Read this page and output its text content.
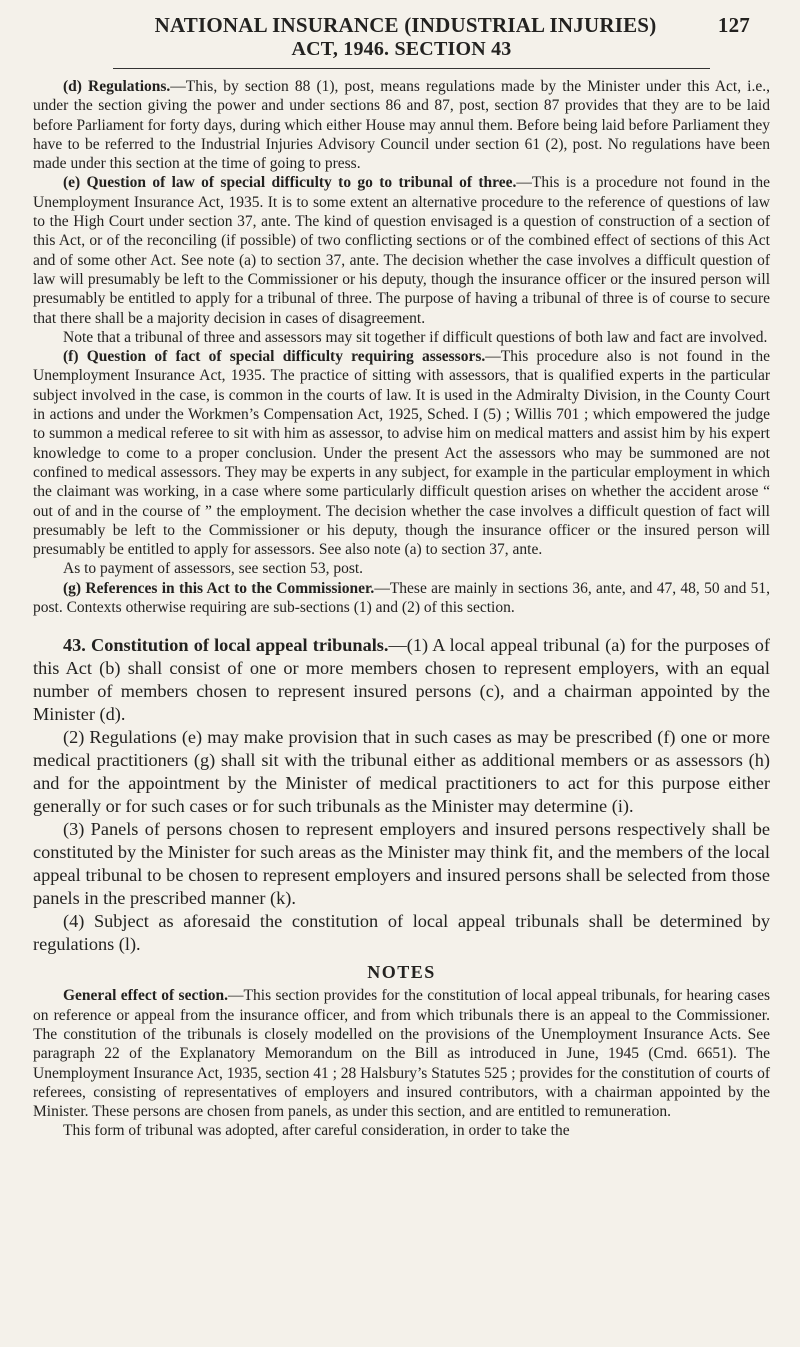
NATIONAL INSURANCE (INDUSTRIAL INJURIES)	127
ACT, 1946. SECTION 43

(d) Regulations.—This, by section 88 (1), post, means regulations made by the Minister under this Act, i.e., under the section giving the power and under sections 86 and 87, post, section 87 provides that they are to be laid before Parliament for forty days, during which either House may annul them. Before being laid before Parliament they have to be referred to the Industrial Injuries Advisory Council under section 61 (2), post. No regulations have been made under this section at the time of going to press.

(e) Question of law of special difficulty to go to tribunal of three.—This is a procedure not found in the Unemployment Insurance Act, 1935. It is to some extent an alternative procedure to the reference of questions of law to the High Court under section 37, ante. The kind of question envisaged is a question of construction of a section of this Act, or of the reconciling (if possible) of two conflicting sections or of the combined effect of sections of this Act and of some other Act. See note (a) to section 37, ante. The decision whether the case involves a difficult question of law will presumably be left to the Commissioner or his deputy, though the insurance officer or the insured person will presumably be entitled to apply for a tribunal of three. The purpose of having a tribunal of three is of course to secure that there shall be a majority decision in cases of disagreement.

Note that a tribunal of three and assessors may sit together if difficult questions of both law and fact are involved.

(f) Question of fact of special difficulty requiring assessors.—This procedure also is not found in the Unemployment Insurance Act, 1935. The practice of sitting with assessors, that is qualified experts in the particular subject involved in the case, is common in the courts of law. It is used in the Admiralty Division, in the County Court in actions and under the Workmen’s Compensation Act, 1925, Sched. I (5) ; Willis 701 ; which empowered the judge to summon a medical referee to sit with him as assessor, to advise him on medical matters and assist him by his expert knowledge to come to a proper conclusion. Under the present Act the assessors who may be summoned are not confined to medical assessors. They may be experts in any subject, for example in the particular employment in which the claimant was working, in a case where some particularly difficult question arises on whether the accident arose “ out of and in the course of ” the employment. The decision whether the case involves a difficult question of fact will presumably be left to the Commissioner or his deputy, though the insurance officer or the insured person will presumably be entitled to apply for assessors. See also note (a) to section 37, ante.

As to payment of assessors, see section 53, post.

(g) References in this Act to the Commissioner.—These are mainly in sections 36, ante, and 47, 48, 50 and 51, post. Contexts otherwise requiring are sub-sections (1) and (2) of this section.

43. Constitution of local appeal tribunals.—(1) A local appeal tribunal (a) for the purposes of this Act (b) shall consist of one or more members chosen to represent employers, with an equal number of members chosen to represent insured persons (c), and a chairman appointed by the Minister (d).

(2) Regulations (e) may make provision that in such cases as may be prescribed (f) one or more medical practitioners (g) shall sit with the tribunal either as additional members or as assessors (h) and for the appointment by the Minister of medical practitioners to act for this purpose either generally or for such cases or for such tribunals as the Minister may determine (i).

(3) Panels of persons chosen to represent employers and insured persons respectively shall be constituted by the Minister for such areas as the Minister may think fit, and the members of the local appeal tribunal to be chosen to represent employers and insured persons shall be selected from those panels in the prescribed manner (k).

(4) Subject as aforesaid the constitution of local appeal tribunals shall be determined by regulations (l).

NOTES

General effect of section.—This section provides for the constitution of local appeal tribunals, for hearing cases on reference or appeal from the insurance officer, and from which tribunals there is an appeal to the Commissioner. The constitution of the tribunals is closely modelled on the provisions of the Unemployment Insurance Acts. See paragraph 22 of the Explanatory Memorandum on the Bill as introduced in June, 1945 (Cmd. 6651). The Unemployment Insurance Act, 1935, section 41 ; 28 Halsbury’s Statutes 525 ; provides for the constitution of courts of referees, consisting of representatives of employers and insured contributors, with a chairman appointed by the Minister. These persons are chosen from panels, as under this section, and are entitled to remuneration.

This form of tribunal was adopted, after careful consideration, in order to take the
